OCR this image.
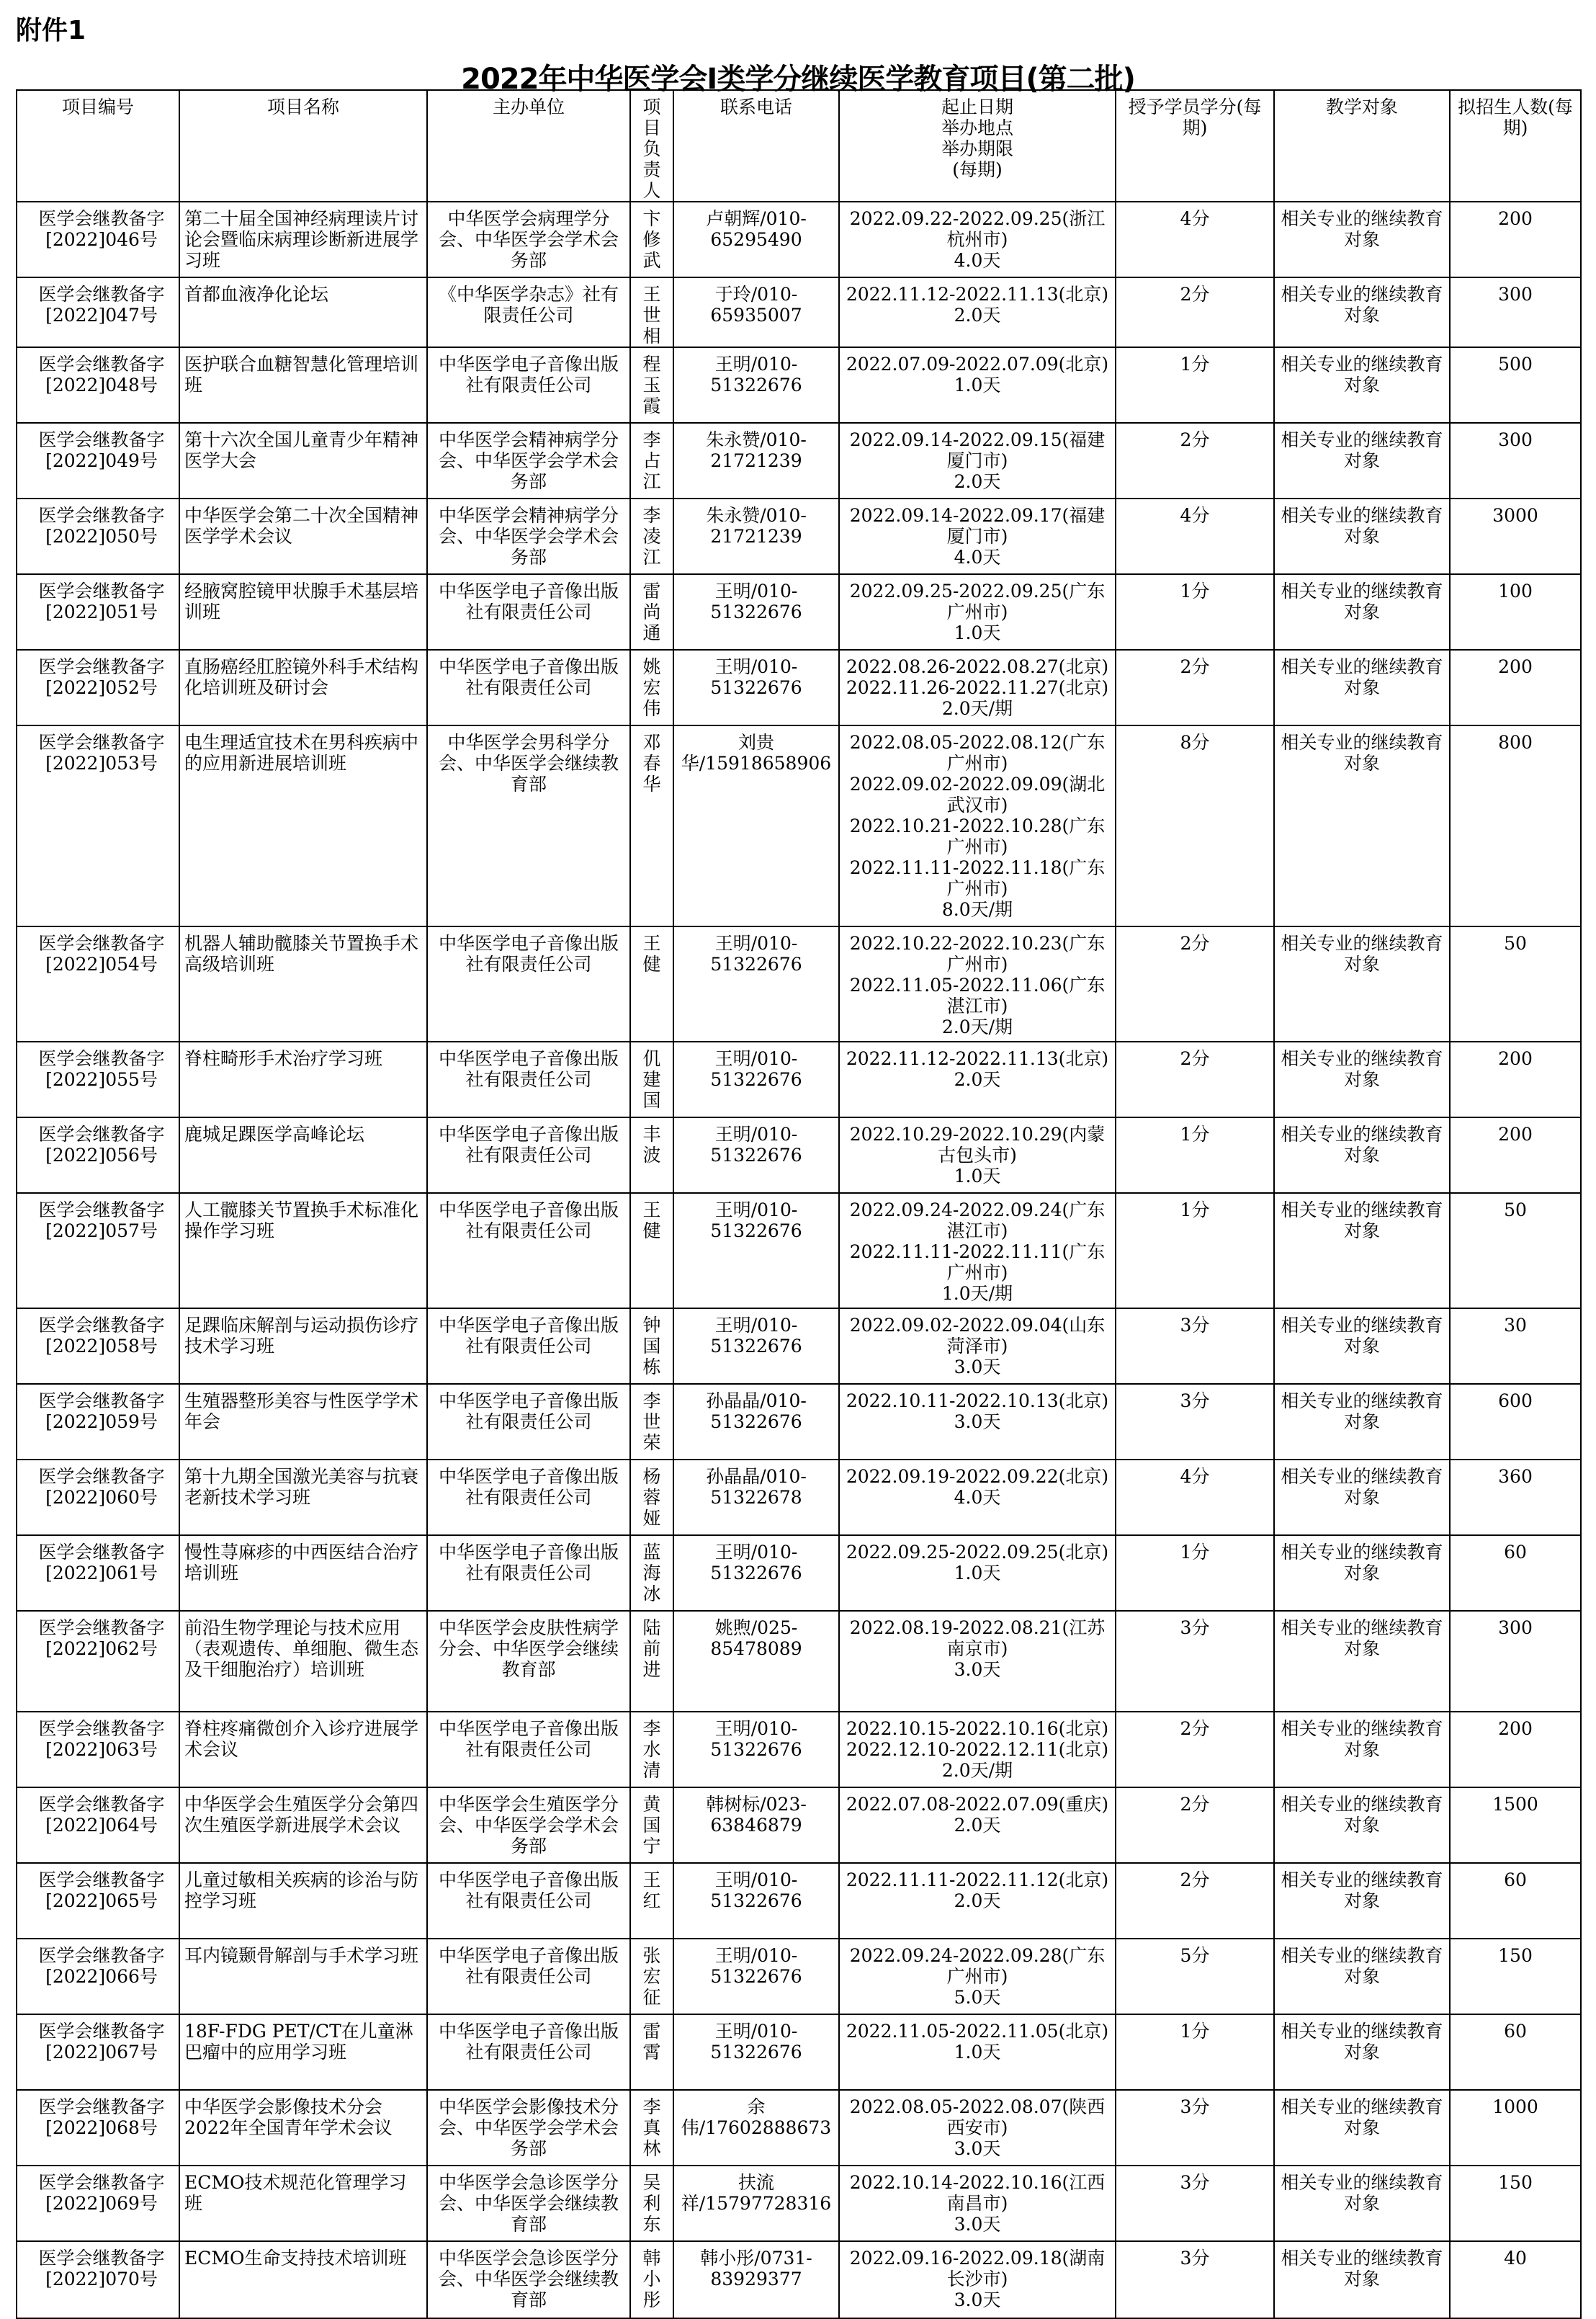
附件1
2022年中华医学会I类学分继续医学教育项目(第二批)
项目编号	项目名称	主办单位	项目负责人	联系电话	起止日期
举办地点
举办期限
(每期)	授予学员学分(每期)	教学对象	拟招生人数(每期)
医学会继教备字[2022]046号	第二十届全国神经病理读片讨论会暨临床病理诊断新进展学习班	中华医学会病理学分会、中华医学会学术会务部	卞修武	卢朝辉/010-65295490	2022.09.22-2022.09.25(浙江杭州市)
4.0天	4分	相关专业的继续教育对象	200
医学会继教备字[2022]047号	首都血液净化论坛	《中华医学杂志》社有限责任公司	王世相	于玲/010-65935007	2022.11.12-2022.11.13(北京)
2.0天	2分	相关专业的继续教育对象	300
医学会继教备字[2022]048号	医护联合血糖智慧化管理培训班	中华医学电子音像出版社有限责任公司	程玉霞	王明/010-51322676	2022.07.09-2022.07.09(北京)
1.0天	1分	相关专业的继续教育对象	500
医学会继教备字[2022]049号	第十六次全国儿童青少年精神医学大会	中华医学会精神病学分会、中华医学会学术会务部	李占江	朱永赞/010-21721239	2022.09.14-2022.09.15(福建厦门市)
2.0天	2分	相关专业的继续教育对象	300
医学会继教备字[2022]050号	中华医学会第二十次全国精神医学学术会议	中华医学会精神病学分会、中华医学会学术会务部	李凌江	朱永赞/010-21721239	2022.09.14-2022.09.17(福建厦门市)
4.0天	4分	相关专业的继续教育对象	3000
医学会继教备字[2022]051号	经腋窝腔镜甲状腺手术基层培训班	中华医学电子音像出版社有限责任公司	雷尚通	王明/010-51322676	2022.09.25-2022.09.25(广东广州市)
1.0天	1分	相关专业的继续教育对象	100
医学会继教备字[2022]052号	直肠癌经肛腔镜外科手术结构化培训班及研讨会	中华医学电子音像出版社有限责任公司	姚宏伟	王明/010-51322676	2022.08.26-2022.08.27(北京)
2022.11.26-2022.11.27(北京)
2.0天/期	2分	相关专业的继续教育对象	200
医学会继教备字[2022]053号	电生理适宜技术在男科疾病中的应用新进展培训班	中华医学会男科学分会、中华医学会继续教育部	邓春华	刘贵华/15918658906	2022.08.05-2022.08.12(广东广州市)
2022.09.02-2022.09.09(湖北武汉市)
2022.10.21-2022.10.28(广东广州市)
2022.11.11-2022.11.18(广东广州市)
8.0天/期	8分	相关专业的继续教育对象	800
医学会继教备字[2022]054号	机器人辅助髋膝关节置换手术高级培训班	中华医学电子音像出版社有限责任公司	王健	王明/010-51322676	2022.10.22-2022.10.23(广东广州市)
2022.11.05-2022.11.06(广东湛江市)
2.0天/期	2分	相关专业的继续教育对象	50
医学会继教备字[2022]055号	脊柱畸形手术治疗学习班	中华医学电子音像出版社有限责任公司	仉建国	王明/010-51322676	2022.11.12-2022.11.13(北京)
2.0天	2分	相关专业的继续教育对象	200
医学会继教备字[2022]056号	鹿城足踝医学高峰论坛	中华医学电子音像出版社有限责任公司	丰波	王明/010-51322676	2022.10.29-2022.10.29(内蒙古包头市)
1.0天	1分	相关专业的继续教育对象	200
医学会继教备字[2022]057号	人工髋膝关节置换手术标准化操作学习班	中华医学电子音像出版社有限责任公司	王健	王明/010-51322676	2022.09.24-2022.09.24(广东湛江市)
2022.11.11-2022.11.11(广东广州市)
1.0天/期	1分	相关专业的继续教育对象	50
医学会继教备字[2022]058号	足踝临床解剖与运动损伤诊疗技术学习班	中华医学电子音像出版社有限责任公司	钟国栋	王明/010-51322676	2022.09.02-2022.09.04(山东菏泽市)
3.0天	3分	相关专业的继续教育对象	30
医学会继教备字[2022]059号	生殖器整形美容与性医学学术年会	中华医学电子音像出版社有限责任公司	李世荣	孙晶晶/010-51322676	2022.10.11-2022.10.13(北京)
3.0天	3分	相关专业的继续教育对象	600
医学会继教备字[2022]060号	第十九期全国激光美容与抗衰老新技术学习班	中华医学电子音像出版社有限责任公司	杨蓉娅	孙晶晶/010-51322678	2022.09.19-2022.09.22(北京)
4.0天	4分	相关专业的继续教育对象	360
医学会继教备字[2022]061号	慢性荨麻疹的中西医结合治疗培训班	中华医学电子音像出版社有限责任公司	蓝海冰	王明/010-51322676	2022.09.25-2022.09.25(北京)
1.0天	1分	相关专业的继续教育对象	60
医学会继教备字[2022]062号	前沿生物学理论与技术应用（表观遗传、单细胞、微生态及干细胞治疗）培训班	中华医学会皮肤性病学分会、中华医学会继续教育部	陆前进	姚煦/025-85478089	2022.08.19-2022.08.21(江苏南京市)
3.0天	3分	相关专业的继续教育对象	300
医学会继教备字[2022]063号	脊柱疼痛微创介入诊疗进展学术会议	中华医学电子音像出版社有限责任公司	李水清	王明/010-51322676	2022.10.15-2022.10.16(北京)
2022.12.10-2022.12.11(北京)
2.0天/期	2分	相关专业的继续教育对象	200
医学会继教备字[2022]064号	中华医学会生殖医学分会第四次生殖医学新进展学术会议	中华医学会生殖医学分会、中华医学会学术会务部	黄国宁	韩树标/023-63846879	2022.07.08-2022.07.09(重庆)
2.0天	2分	相关专业的继续教育对象	1500
医学会继教备字[2022]065号	儿童过敏相关疾病的诊治与防控学习班	中华医学电子音像出版社有限责任公司	王红	王明/010-51322676	2022.11.11-2022.11.12(北京)
2.0天	2分	相关专业的继续教育对象	60
医学会继教备字[2022]066号	耳内镜颞骨解剖与手术学习班	中华医学电子音像出版社有限责任公司	张宏征	王明/010-51322676	2022.09.24-2022.09.28(广东广州市)
5.0天	5分	相关专业的继续教育对象	150
医学会继教备字[2022]067号	18F-FDG PET/CT在儿童淋巴瘤中的应用学习班	中华医学电子音像出版社有限责任公司	雷霄	王明/010-51322676	2022.11.05-2022.11.05(北京)
1.0天	1分	相关专业的继续教育对象	60
医学会继教备字[2022]068号	中华医学会影像技术分会2022年全国青年学术会议	中华医学会影像技术分会、中华医学会学术会务部	李真林	余伟/17602888673	2022.08.05-2022.08.07(陕西西安市)
3.0天	3分	相关专业的继续教育对象	1000
医学会继教备字[2022]069号	ECMO技术规范化管理学习班	中华医学会急诊医学分会、中华医学会继续教育部	吴利东	扶流祥/15797728316	2022.10.14-2022.10.16(江西南昌市)
3.0天	3分	相关专业的继续教育对象	150
医学会继教备字[2022]070号	ECMO生命支持技术培训班	中华医学会急诊医学分会、中华医学会继续教育部	韩小彤	韩小彤/0731-83929377	2022.09.16-2022.09.18(湖南长沙市)
3.0天	3分	相关专业的继续教育对象	40
